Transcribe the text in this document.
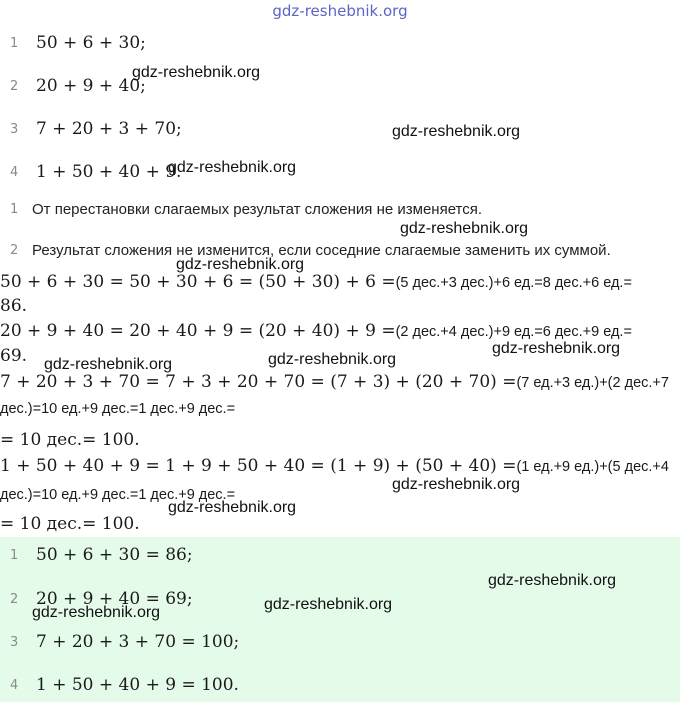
gdz-reshebnik.org
1 50 + 6 + 30;
2 20 + 9 + 40;
3 7 + 20 + 3 + 70;
4 1 + 50 + 40 + 9.
1 От перестановки слагаемых результат сложения не изменяется.
2 Результат сложения не изменится, если соседние слагаемые заменить их суммой.
50 + 6 + 30 = 50 + 30 + 6 = (50 + 30) + 6 =(5 дес.+3 дес.)+6 ед.=8 дес.+6 ед.=
86.
20 + 9 + 40 = 20 + 40 + 9 = (20 + 40) + 9 =(2 дес.+4 дес.)+9 ед.=6 дес.+9 ед.=
69.
7 + 20 + 3 + 70 = 7 + 3 + 20 + 70 = (7 + 3) + (20 + 70) =(7 ед.+3 ед.)+(2 дес.+7
дес.)=10 ед.+9 дес.=1 дес.+9 дес.=
= 10 дес.= 100.
1 + 50 + 40 + 9 = 1 + 9 + 50 + 40 = (1 + 9) + (50 + 40) =(1 ед.+9 ед.)+(5 дес.+4
дес.)=10 ед.+9 дес.=1 дес.+9 дес.=
= 10 дес.= 100.
1 50 + 6 + 30 = 86;
2 20 + 9 + 40 = 69;
3 7 + 20 + 3 + 70 = 100;
4 1 + 50 + 40 + 9 = 100.
gdz-reshebnik.org
gdz-reshebnik.org
gdz-reshebnik.org
gdz-reshebnik.org
gdz-reshebnik.org
gdz-reshebnik.org
gdz-reshebnik.org	gdz-reshebnik.org
gdz-reshebnik.org
gdz-reshebnik.org
gdz-reshebnik.org
gdz-reshebnik.org
gdz-reshebnik.org
